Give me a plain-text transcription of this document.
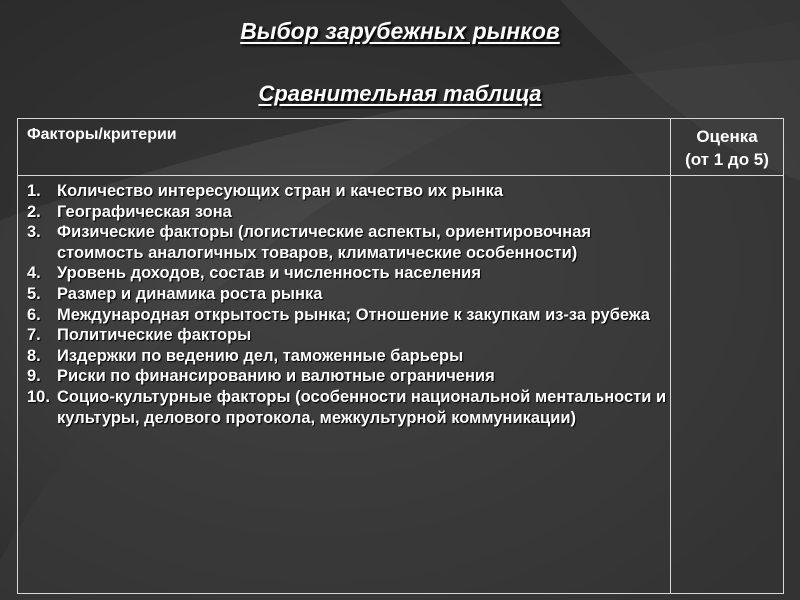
Выбор зарубежных рынков
Сравнительная таблица
Факторы/критерии	Оценка
(от 1 до 5)
1. Количество интересующих стран и качество их рынка
2. Географическая зона
3. Физические факторы (логистические аспекты, ориентировочная стоимость аналогичных товаров, климатические особенности)
4. Уровень доходов, состав и численность населения
5. Размер и динамика роста рынка
6. Международная открытость рынка; Отношение к закупкам из-за рубежа
7. Политические факторы
8. Издержки по ведению дел, таможенные барьеры
9. Риски по финансированию и валютные ограничения
10. Социо-культурные факторы (особенности национальной ментальности и культуры, делового протокола, межкультурной коммуникации)
